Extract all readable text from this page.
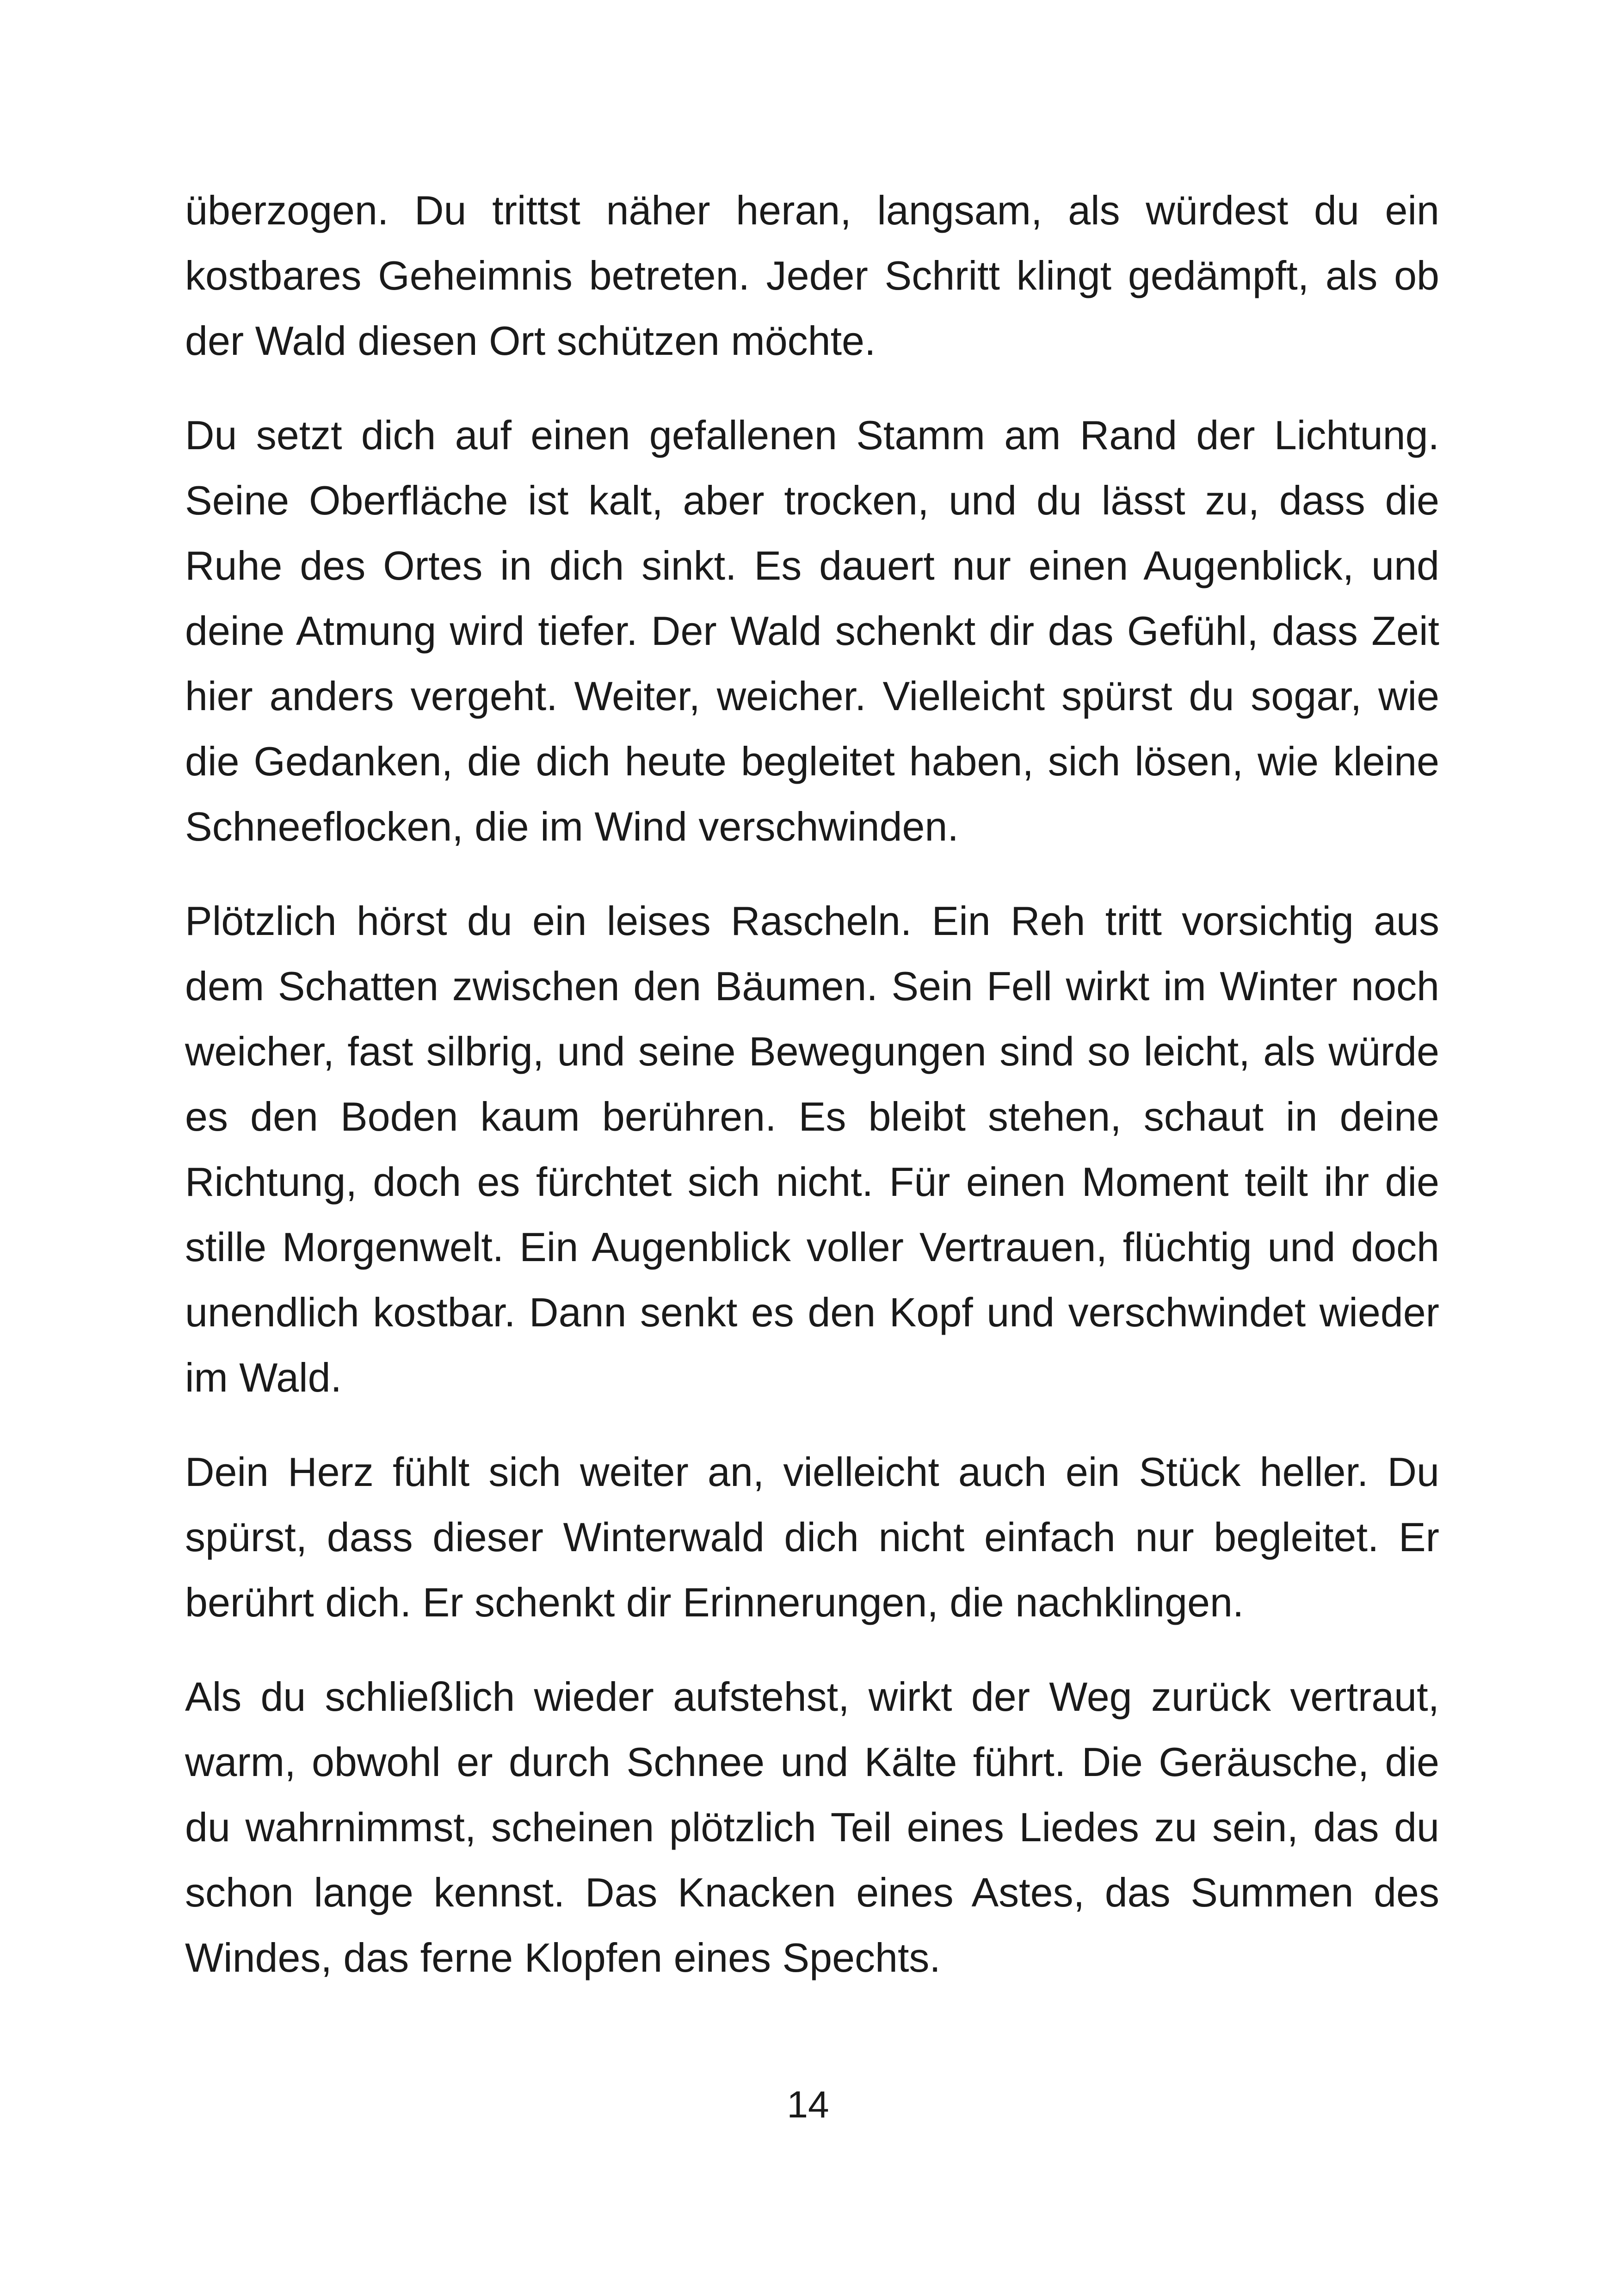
überzogen. Du trittst näher heran, langsam, als würdest du ein kostbares Geheimnis betreten. Jeder Schritt klingt gedämpft, als ob der Wald diesen Ort schützen möchte.

Du setzt dich auf einen gefallenen Stamm am Rand der Lichtung. Seine Oberfläche ist kalt, aber trocken, und du lässt zu, dass die Ruhe des Ortes in dich sinkt. Es dauert nur einen Augenblick, und deine Atmung wird tiefer. Der Wald schenkt dir das Gefühl, dass Zeit hier anders vergeht. Weiter, weicher. Vielleicht spürst du sogar, wie die Gedanken, die dich heute begleitet haben, sich lösen, wie kleine Schneeflocken, die im Wind verschwinden.

Plötzlich hörst du ein leises Rascheln. Ein Reh tritt vorsichtig aus dem Schatten zwischen den Bäumen. Sein Fell wirkt im Winter noch weicher, fast silbrig, und seine Bewegungen sind so leicht, als würde es den Boden kaum berühren. Es bleibt stehen, schaut in deine Richtung, doch es fürchtet sich nicht. Für einen Moment teilt ihr die stille Morgenwelt. Ein Augenblick voller Vertrauen, flüchtig und doch unendlich kostbar. Dann senkt es den Kopf und verschwindet wieder im Wald.

Dein Herz fühlt sich weiter an, vielleicht auch ein Stück heller. Du spürst, dass dieser Winterwald dich nicht einfach nur begleitet. Er berührt dich. Er schenkt dir Erinnerungen, die nachklingen.

Als du schließlich wieder aufstehst, wirkt der Weg zurück vertraut, warm, obwohl er durch Schnee und Kälte führt. Die Geräusche, die du wahrnimmst, scheinen plötzlich Teil eines Liedes zu sein, das du schon lange kennst. Das Knacken eines Astes, das Summen des Windes, das ferne Klopfen eines Spechts.

14
